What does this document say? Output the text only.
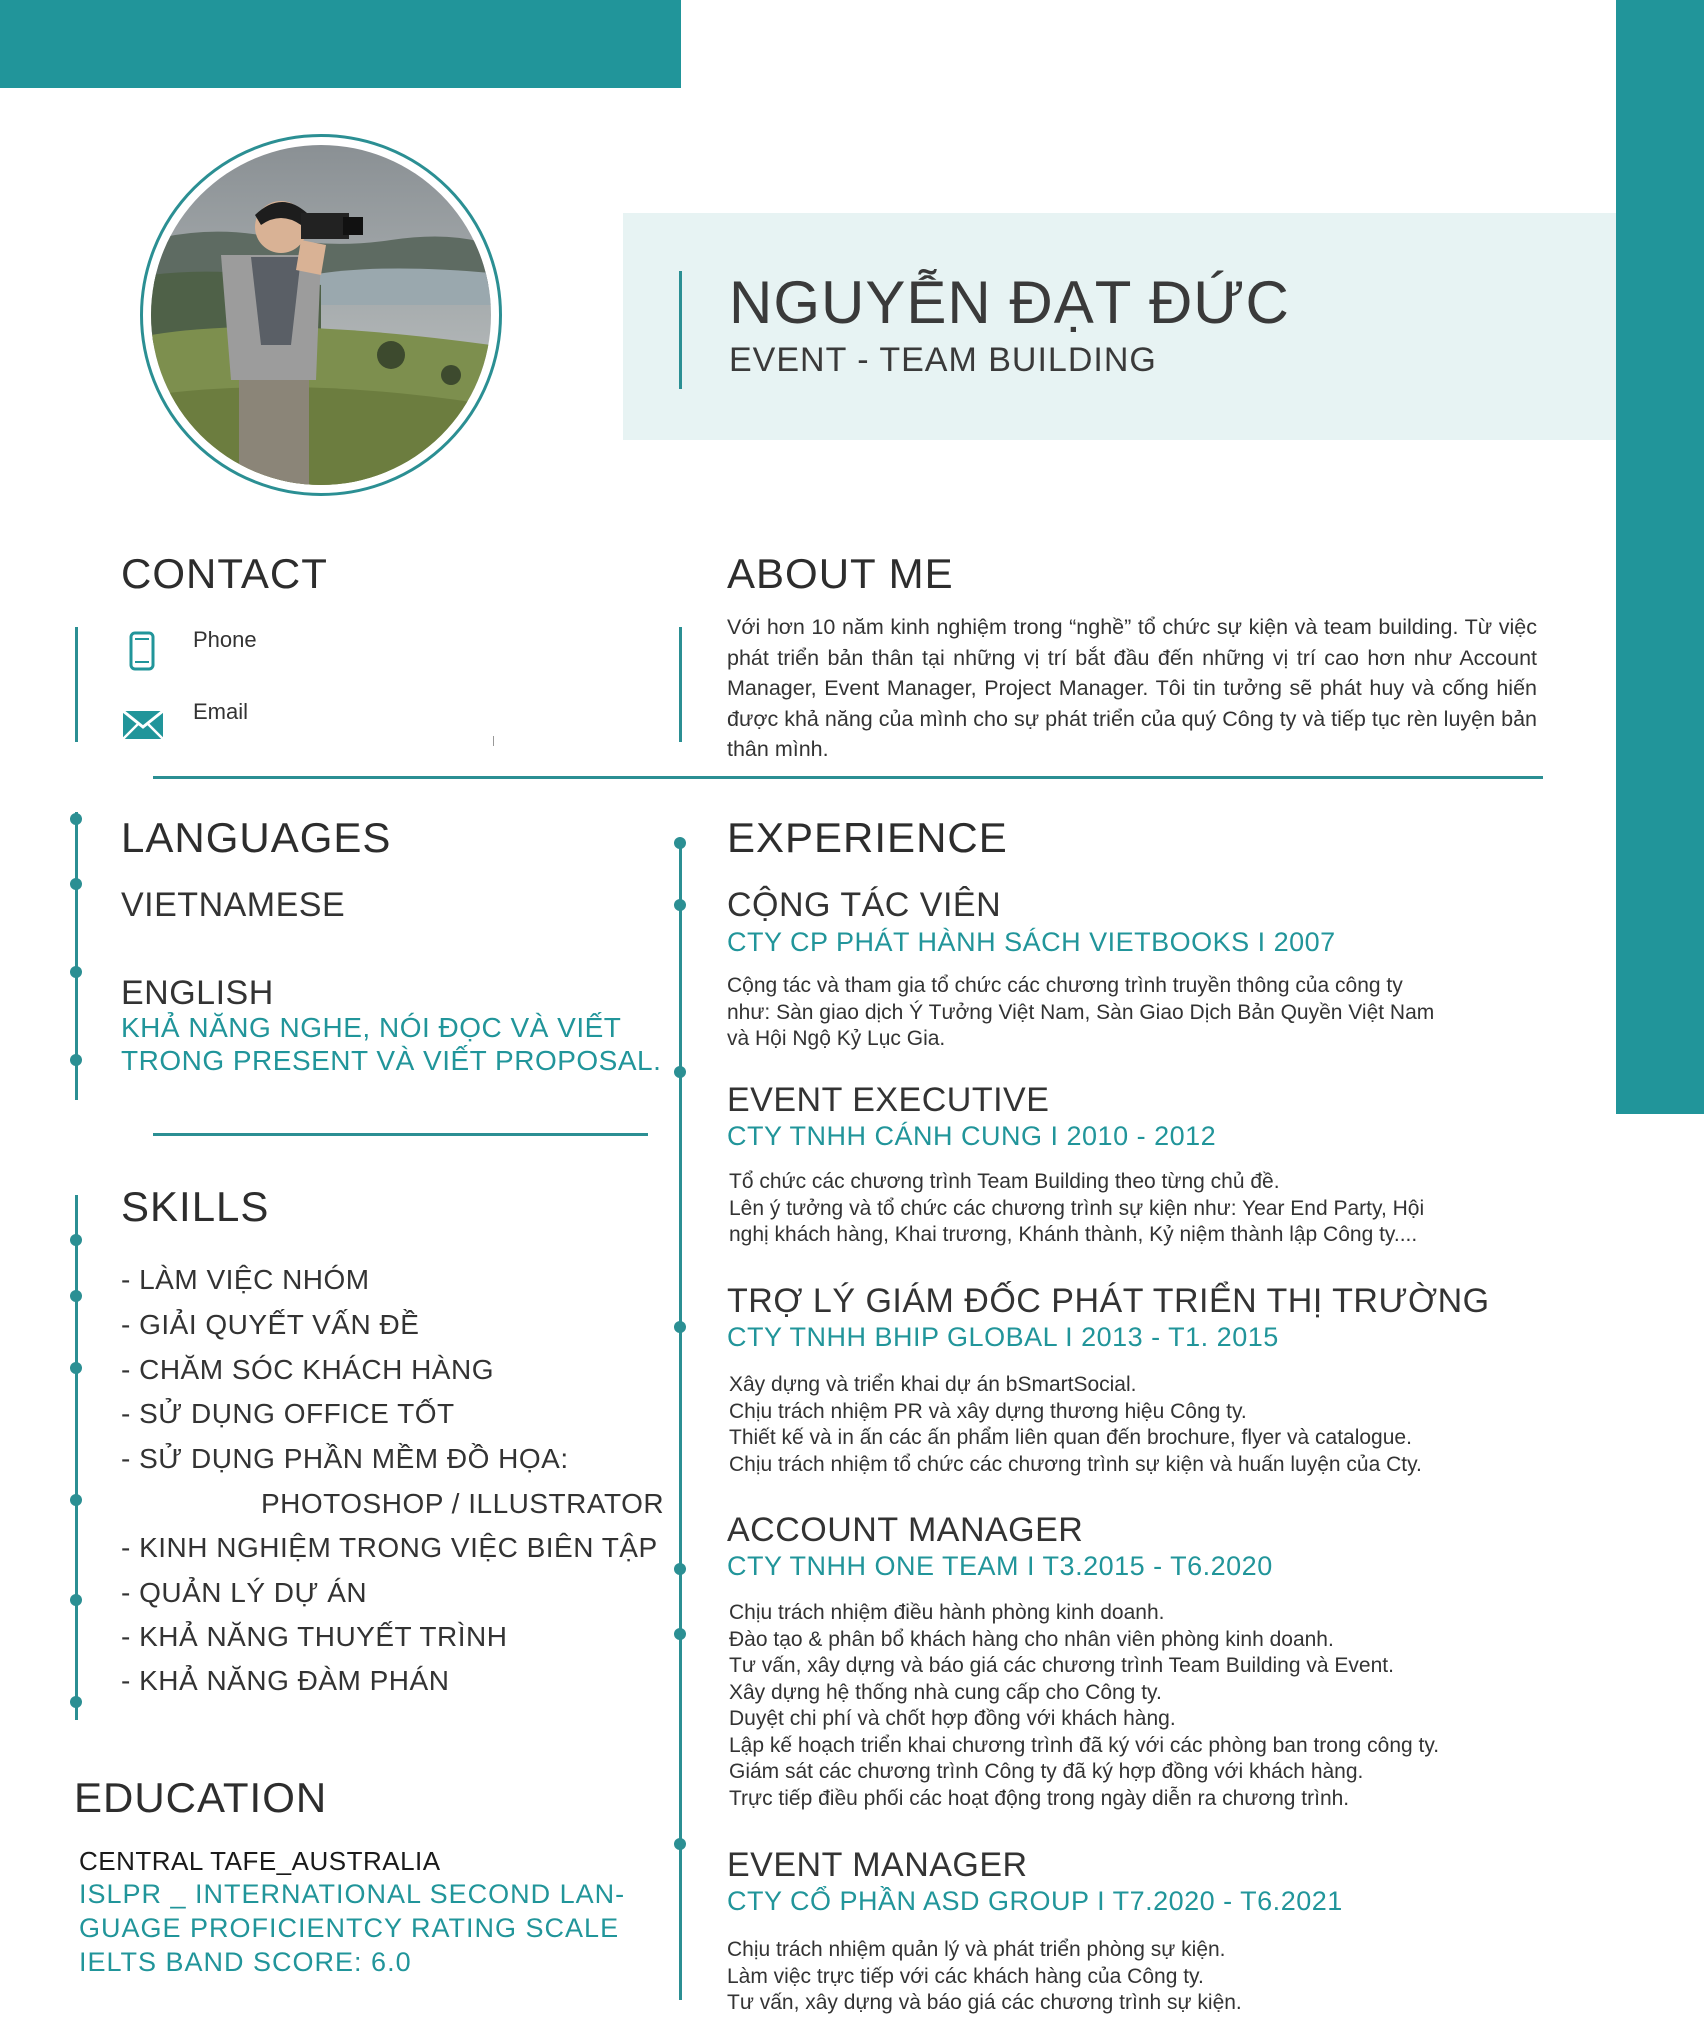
NGUYỄN ĐẠT ĐỨC
EVENT - TEAM BUILDING
CONTACT
Phone
Email
ABOUT ME
Với hơn 10 năm kinh nghiệm trong “nghề” tổ chức sự kiện và team building. Từ việc phát triển bản thân tại những vị trí bắt đầu đến những vị trí cao hơn như Account Manager, Event Manager, Project Manager. Tôi tin tưởng sẽ phát huy và cống hiến được khả năng của mình cho sự phát triển của quý Công ty và tiếp tục rèn luyện bản thân mình.
LANGUAGES
VIETNAMESE
ENGLISH
KHẢ NĂNG NGHE, NÓI ĐỌC VÀ VIẾT
TRONG PRESENT VÀ VIẾT PROPOSAL.
SKILLS
- LÀM VIỆC NHÓM
- GIẢI QUYẾT VẤN ĐỀ
- CHĂM SÓC KHÁCH HÀNG
- SỬ DỤNG OFFICE TỐT
- SỬ DỤNG PHẦN MỀM ĐỒ HỌA:
PHOTOSHOP / ILLUSTRATOR
- KINH NGHIỆM TRONG VIỆC BIÊN TẬP
- QUẢN LÝ DỰ ÁN
- KHẢ NĂNG THUYẾT TRÌNH
- KHẢ NĂNG ĐÀM PHÁN
EDUCATION
CENTRAL TAFE_AUSTRALIA
ISLPR _ INTERNATIONAL SECOND LAN-
GUAGE PROFICIENTCY RATING SCALE
IELTS BAND SCORE: 6.0
EXPERIENCE
CỘNG TÁC VIÊN
CTY CP PHÁT HÀNH SÁCH VIETBOOKS I 2007
Cộng tác và tham gia tổ chức các chương trình truyền thông của công ty
như: Sàn giao dịch Ý Tưởng Việt Nam, Sàn Giao Dịch Bản Quyền Việt Nam
và Hội Ngộ Kỷ Lục Gia.
EVENT EXECUTIVE
CTY TNHH CÁNH CUNG I 2010 - 2012
Tổ chức các chương trình Team Building theo từng chủ đề.
Lên ý tưởng và tổ chức các chương trình sự kiện như: Year End Party, Hội
nghị khách hàng, Khai trương, Khánh thành, Kỷ niệm thành lập Công ty....
TRỢ LÝ GIÁM ĐỐC PHÁT TRIỂN THỊ TRƯỜNG
CTY TNHH BHIP GLOBAL I 2013 - T1. 2015
Xây dựng và triển khai dự án bSmartSocial.
Chịu trách nhiệm PR và xây dựng thương hiệu Công ty.
Thiết kế và in ấn các ấn phẩm liên quan đến brochure, flyer và catalogue.
Chịu trách nhiệm tổ chức các chương trình sự kiện và huấn luyện của Cty.
ACCOUNT MANAGER
CTY TNHH ONE TEAM I T3.2015 - T6.2020
Chịu trách nhiệm điều hành phòng kinh doanh.
Đào tạo & phân bổ khách hàng cho nhân viên phòng kinh doanh.
Tư vấn, xây dựng và báo giá các chương trình Team Building và Event.
Xây dựng hệ thống nhà cung cấp cho Công ty.
Duyệt chi phí và chốt hợp đồng với khách hàng.
Lập kế hoạch triển khai chương trình đã ký với các phòng ban trong công ty.
Giám sát các chương trình Công ty đã ký hợp đồng với khách hàng.
Trực tiếp điều phối các hoạt động trong ngày diễn ra chương trình.
EVENT MANAGER
CTY CỔ PHẦN ASD GROUP I T7.2020 - T6.2021
Chịu trách nhiệm quản lý và phát triển phòng sự kiện.
Làm việc trực tiếp với các khách hàng của Công ty.
Tư vấn, xây dựng và báo giá các chương trình sự kiện.
